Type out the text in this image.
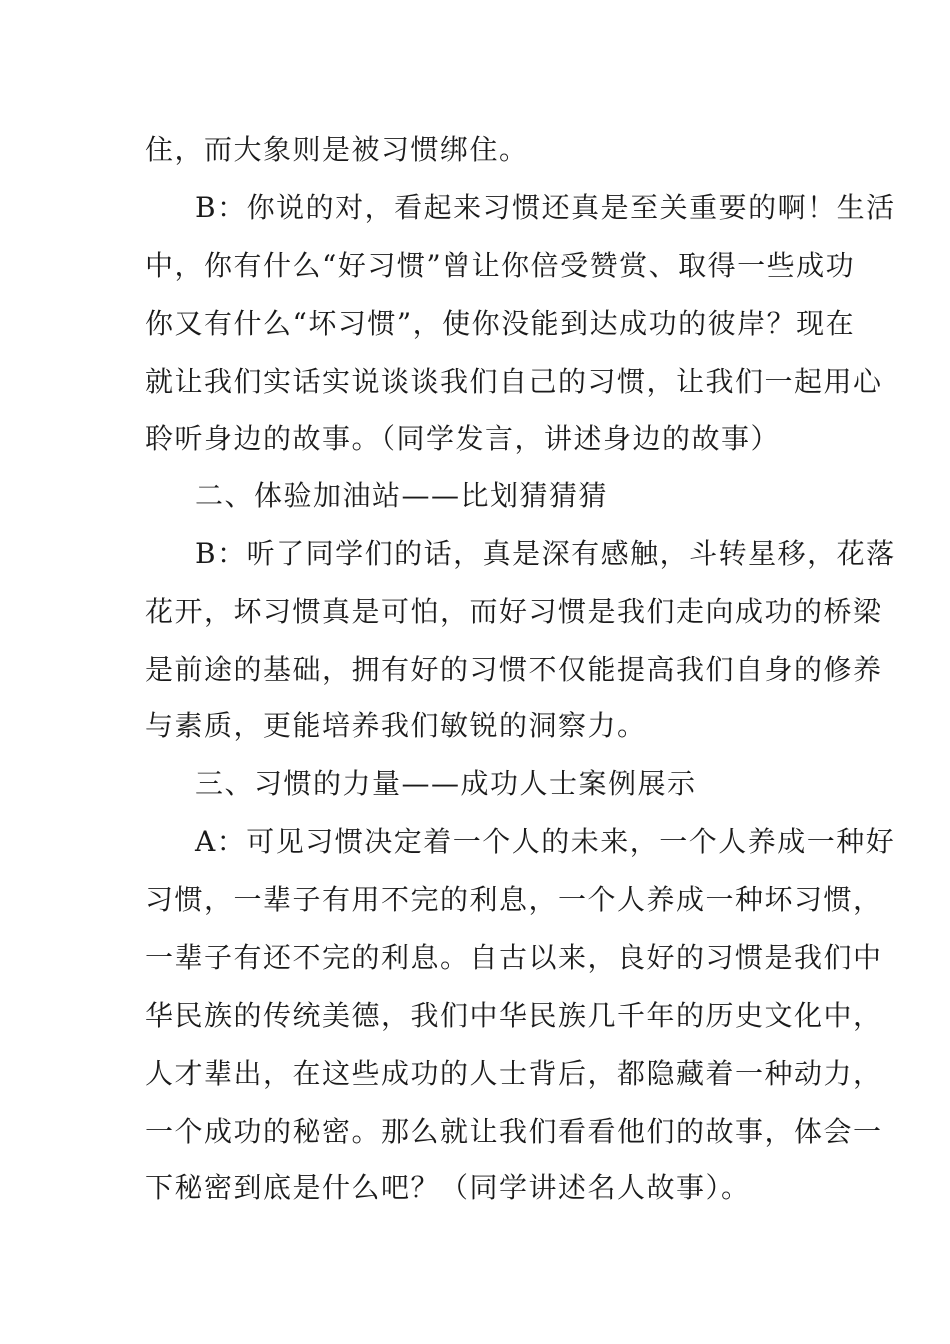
住，而大象则是被习惯绑住。
B：你说的对，看起来习惯还真是至关重要的啊！生活
中，你有什么“好习惯”曾让你倍受赞赏、取得一些成功
你又有什么“坏习惯”，使你没能到达成功的彼岸？现在
就让我们实话实说谈谈我们自己的习惯，让我们一起用心
聆听身边的故事。（同学发言，讲述身边的故事）
二、体验加油站——比划猜猜猜
B：听了同学们的话，真是深有感触，斗转星移，花落
花开，坏习惯真是可怕，而好习惯是我们走向成功的桥梁
是前途的基础，拥有好的习惯不仅能提高我们自身的修养
与素质，更能培养我们敏锐的洞察力。
三、习惯的力量——成功人士案例展示
A：可见习惯决定着一个人的未来，一个人养成一种好
习惯，一辈子有用不完的利息，一个人养成一种坏习惯，
一辈子有还不完的利息。自古以来，良好的习惯是我们中
华民族的传统美德，我们中华民族几千年的历史文化中，
人才辈出，在这些成功的人士背后，都隐藏着一种动力，
一个成功的秘密。那么就让我们看看他们的故事，体会一
下秘密到底是什么吧？（同学讲述名人故事）。
